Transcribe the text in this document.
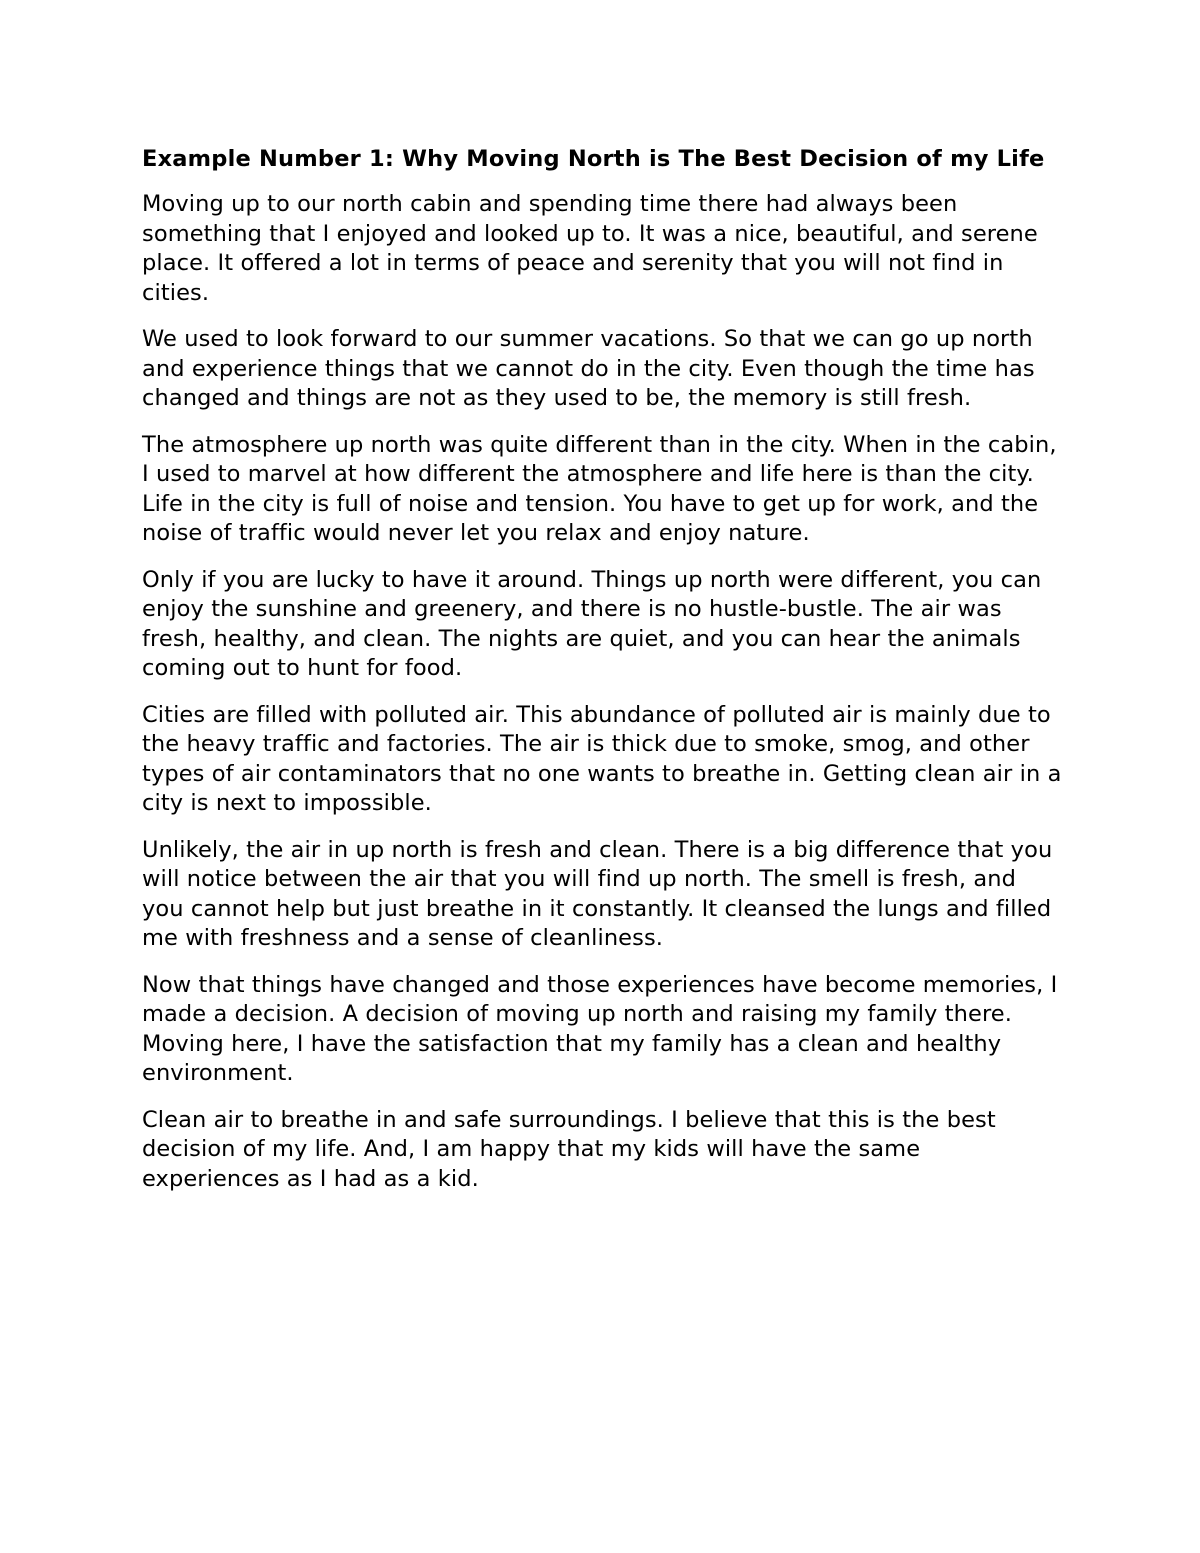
Example Number 1: Why Moving North is The Best Decision of my Life

Moving up to our north cabin and spending time there had always been something that I enjoyed and looked up to. It was a nice, beautiful, and serene place. It offered a lot in terms of peace and serenity that you will not find in cities.

We used to look forward to our summer vacations. So that we can go up north and experience things that we cannot do in the city. Even though the time has changed and things are not as they used to be, the memory is still fresh.

The atmosphere up north was quite different than in the city. When in the cabin, I used to marvel at how different the atmosphere and life here is than the city. Life in the city is full of noise and tension. You have to get up for work, and the noise of traffic would never let you relax and enjoy nature.

Only if you are lucky to have it around. Things up north were different, you can enjoy the sunshine and greenery, and there is no hustle-bustle. The air was fresh, healthy, and clean. The nights are quiet, and you can hear the animals coming out to hunt for food.

Cities are filled with polluted air. This abundance of polluted air is mainly due to the heavy traffic and factories. The air is thick due to smoke, smog, and other types of air contaminators that no one wants to breathe in. Getting clean air in a city is next to impossible.

Unlikely, the air in up north is fresh and clean. There is a big difference that you will notice between the air that you will find up north. The smell is fresh, and you cannot help but just breathe in it constantly. It cleansed the lungs and filled me with freshness and a sense of cleanliness.

Now that things have changed and those experiences have become memories, I made a decision. A decision of moving up north and raising my family there. Moving here, I have the satisfaction that my family has a clean and healthy environment.

Clean air to breathe in and safe surroundings. I believe that this is the best decision of my life. And, I am happy that my kids will have the same experiences as I had as a kid.
